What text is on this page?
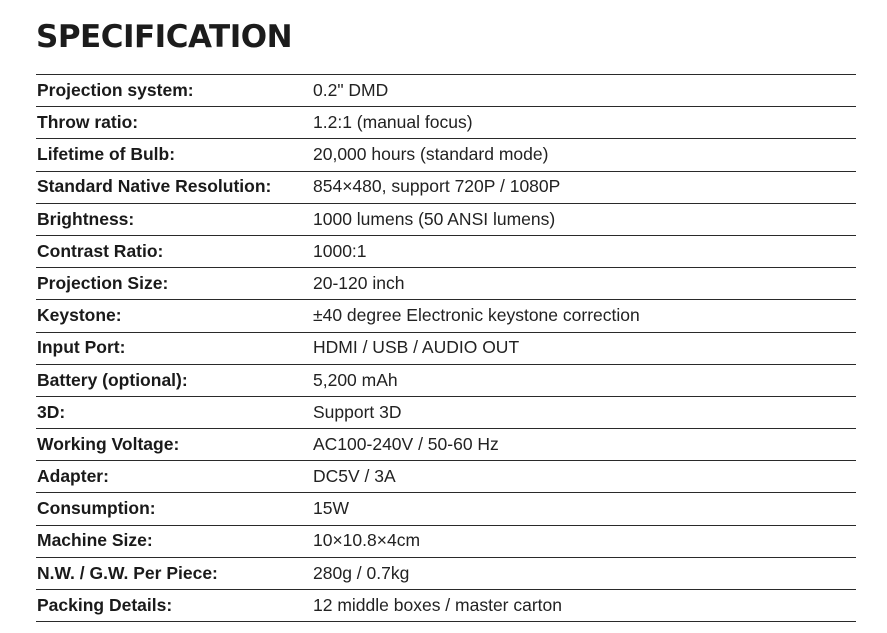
SPECIFICATION
Projection system:	0.2" DMD
Throw ratio:	1.2:1 (manual focus)
Lifetime of Bulb:	20,000 hours (standard mode)
Standard Native Resolution:	854×480, support 720P / 1080P
Brightness:	1000 lumens (50 ANSI lumens)
Contrast Ratio:	1000:1
Projection Size:	20-120 inch
Keystone:	±40 degree Electronic keystone correction
Input Port:	HDMI / USB / AUDIO OUT
Battery (optional):	5,200 mAh
3D:	Support 3D
Working Voltage:	AC100-240V / 50-60 Hz
Adapter:	DC5V / 3A
Consumption:	15W
Machine Size:	10×10.8×4cm
N.W. / G.W. Per Piece:	280g / 0.7kg
Packing Details:	12 middle boxes / master carton
